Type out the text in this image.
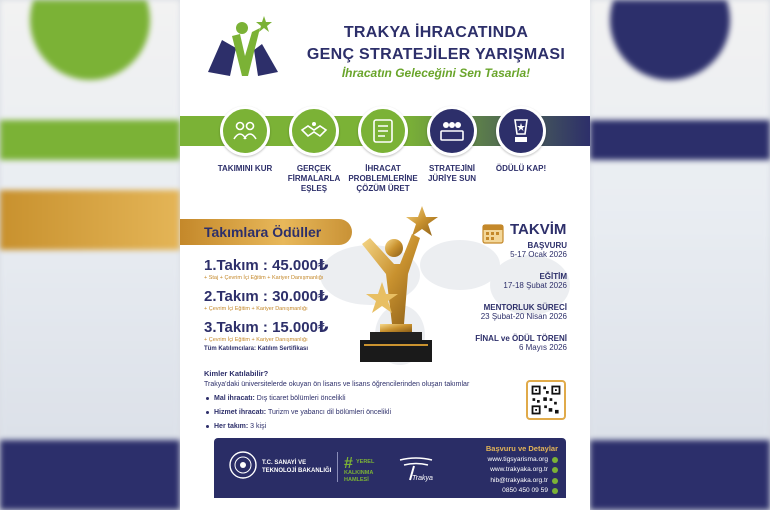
TRAKYA İHRACATINDA
GENÇ STRATEJİLER YARIŞMASI
İhracatın Geleceğini Sen Tasarla!
TAKIMINI KUR	GERÇEK FİRMALARLA EŞLEŞ
İHRACAT PROBLEMLERİNE ÇÖZÜM ÜRET
STRATEJİNİ JÜRİYE SUN
ÖDÜLÜ KAP!
Takımlara Ödüller
1.Takım : 45.000₺
+ Staj + Çevrim İçi Eğitim + Kariyer Danışmanlığı
2.Takım : 30.000₺
+ Çevrim İçi Eğitim + Kariyer Danışmanlığı
3.Takım : 15.000₺
+ Çevrim İçi Eğitim + Kariyer Danışmanlığı
Tüm Katılımcılara: Katılım Sertifikası
TAKVİM
BAŞVURU
5-17 Ocak 2026
EĞİTİM
17-18 Şubat 2026
MENTORLUK SÜRECİ
23 Şubat-20 Nisan 2026
FİNAL ve ÖDÜL TÖRENİ
6 Mayıs 2026
Kimler Katılabilir?
Trakya'daki üniversitelerde okuyan ön lisans ve lisans öğrencilerinden oluşan takımlar
Mal ihracatı: Dış ticaret bölümleri öncelikli
Hizmet ihracatı: Turizm ve yabancı dil bölümleri öncelikli
Her takım: 3 kişi
T.C. SANAYİ VE
TEKNOLOJİ BAKANLIĞI # YEREL
KALKINMA
HAMLESİ	Trakya
Başvuru ve Detaylar
www.tigsyarisma.org
www.trakyaka.org.tr
hib@trakyaka.org.tr
0850 450 09 59
